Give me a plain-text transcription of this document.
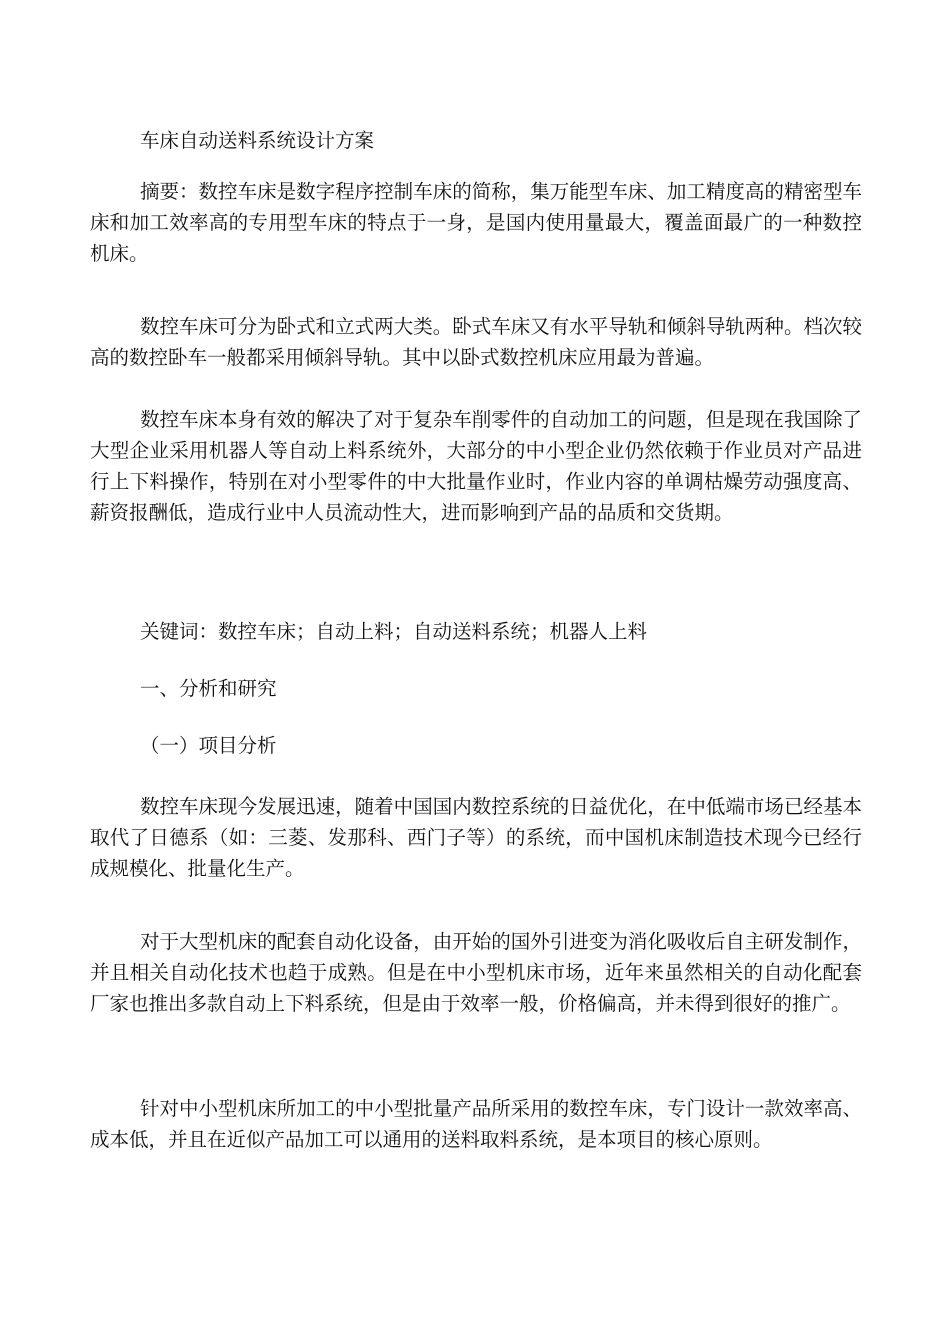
车床自动送料系统设计方案

摘要：数控车床是数字程序控制车床的简称，集万能型车床、加工精度高的精密型车床和加工效率高的专用型车床的特点于一身，是国内使用量最大，覆盖面最广的一种数控机床。

数控车床可分为卧式和立式两大类。卧式车床又有水平导轨和倾斜导轨两种。档次较高的数控卧车一般都采用倾斜导轨。其中以卧式数控机床应用最为普遍。

数控车床本身有效的解决了对于复杂车削零件的自动加工的问题，但是现在我国除了大型企业采用机器人等自动上料系统外，大部分的中小型企业仍然依赖于作业员对产品进行上下料操作，特别在对小型零件的中大批量作业时，作业内容的单调枯燥劳动强度高、薪资报酬低，造成行业中人员流动性大，进而影响到产品的品质和交货期。

关键词：数控车床；自动上料；自动送料系统；机器人上料

一、分析和研究

（一）项目分析

数控车床现今发展迅速，随着中国国内数控系统的日益优化，在中低端市场已经基本取代了日德系（如：三菱、发那科、西门子等）的系统，而中国机床制造技术现今已经行成规模化、批量化生产。

对于大型机床的配套自动化设备，由开始的国外引进变为消化吸收后自主研发制作，并且相关自动化技术也趋于成熟。但是在中小型机床市场，近年来虽然相关的自动化配套厂家也推出多款自动上下料系统，但是由于效率一般，价格偏高，并未得到很好的推广。

针对中小型机床所加工的中小型批量产品所采用的数控车床，专门设计一款效率高、成本低，并且在近似产品加工可以通用的送料取料系统，是本项目的核心原则。
